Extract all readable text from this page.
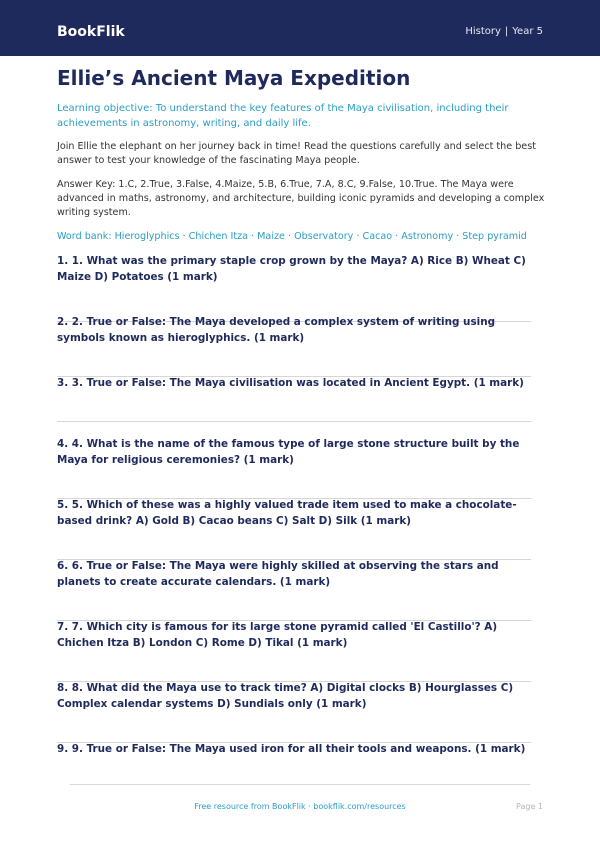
BookFlik	History | Year 5
Ellie’s Ancient Maya Expedition

Learning objective: To understand the key features of the Maya civilisation, including their achievements in astronomy, writing, and daily life.

Join Ellie the elephant on her journey back in time! Read the questions carefully and select the best answer to test your knowledge of the fascinating Maya people.

Answer Key: 1.C, 2.True, 3.False, 4.Maize, 5.B, 6.True, 7.A, 8.C, 9.False, 10.True. The Maya were advanced in maths, astronomy, and architecture, building iconic pyramids and developing a complex writing system.

Word bank: Hieroglyphics · Chichen Itza · Maize · Observatory · Cacao · Astronomy · Step pyramid

1. 1. What was the primary staple crop grown by the Maya? A) Rice B) Wheat C) Maize D) Potatoes (1 mark)

2. 2. True or False: The Maya developed a complex system of writing using symbols known as hieroglyphics. (1 mark)

3. 3. True or False: The Maya civilisation was located in Ancient Egypt. (1 mark)

4. 4. What is the name of the famous type of large stone structure built by the Maya for religious ceremonies? (1 mark)

5. 5. Which of these was a highly valued trade item used to make a chocolate-based drink? A) Gold B) Cacao beans C) Salt D) Silk (1 mark)

6. 6. True or False: The Maya were highly skilled at observing the stars and planets to create accurate calendars. (1 mark)

7. 7. Which city is famous for its large stone pyramid called 'El Castillo'? A) Chichen Itza B) London C) Rome D) Tikal (1 mark)

8. 8. What did the Maya use to track time? A) Digital clocks B) Hourglasses C) Complex calendar systems D) Sundials only (1 mark)

9. 9. True or False: The Maya used iron for all their tools and weapons. (1 mark)

Free resource from BookFlik · bookflik.com/resources	Page 1
